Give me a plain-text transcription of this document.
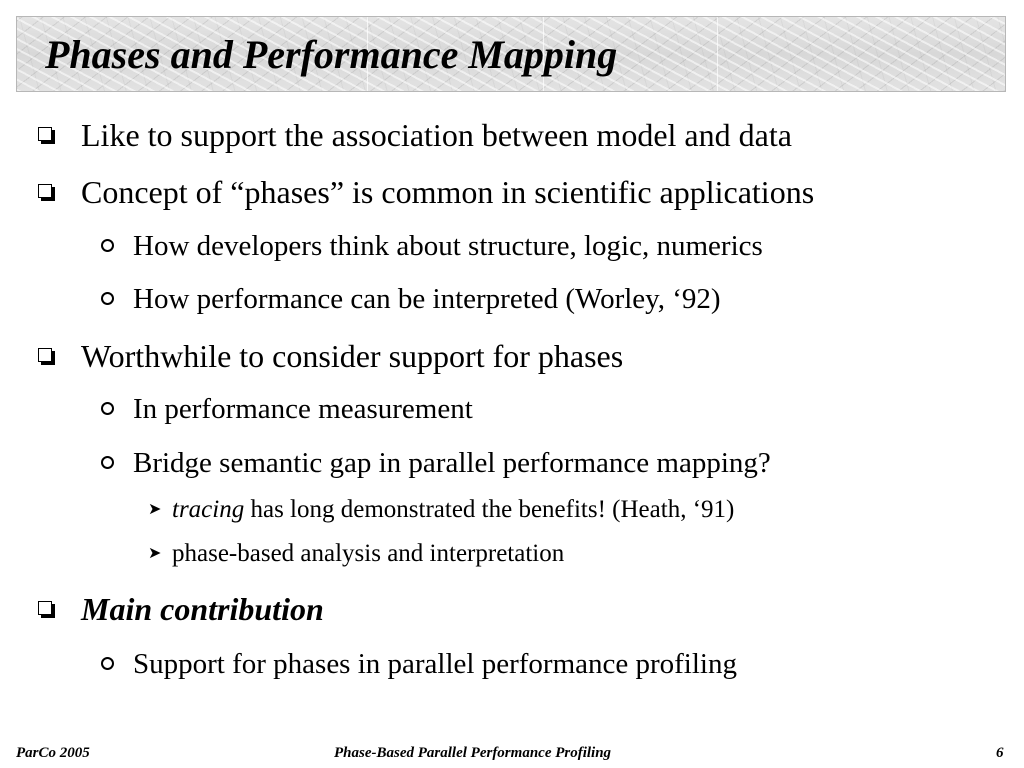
Phases and Performance Mapping
Like to support the association between model and data
Concept of “phases” is common in scientific applications
How developers think about structure, logic, numerics
How performance can be interpreted (Worley, ‘92)
Worthwhile to consider support for phases
In performance measurement
Bridge semantic gap in parallel performance mapping?
➤ tracing has long demonstrated the benefits! (Heath, ‘91)
➤ phase-based analysis and interpretation
Main contribution
Support for phases in parallel performance profiling
ParCo 2005	Phase-Based Parallel Performance Profiling	6
